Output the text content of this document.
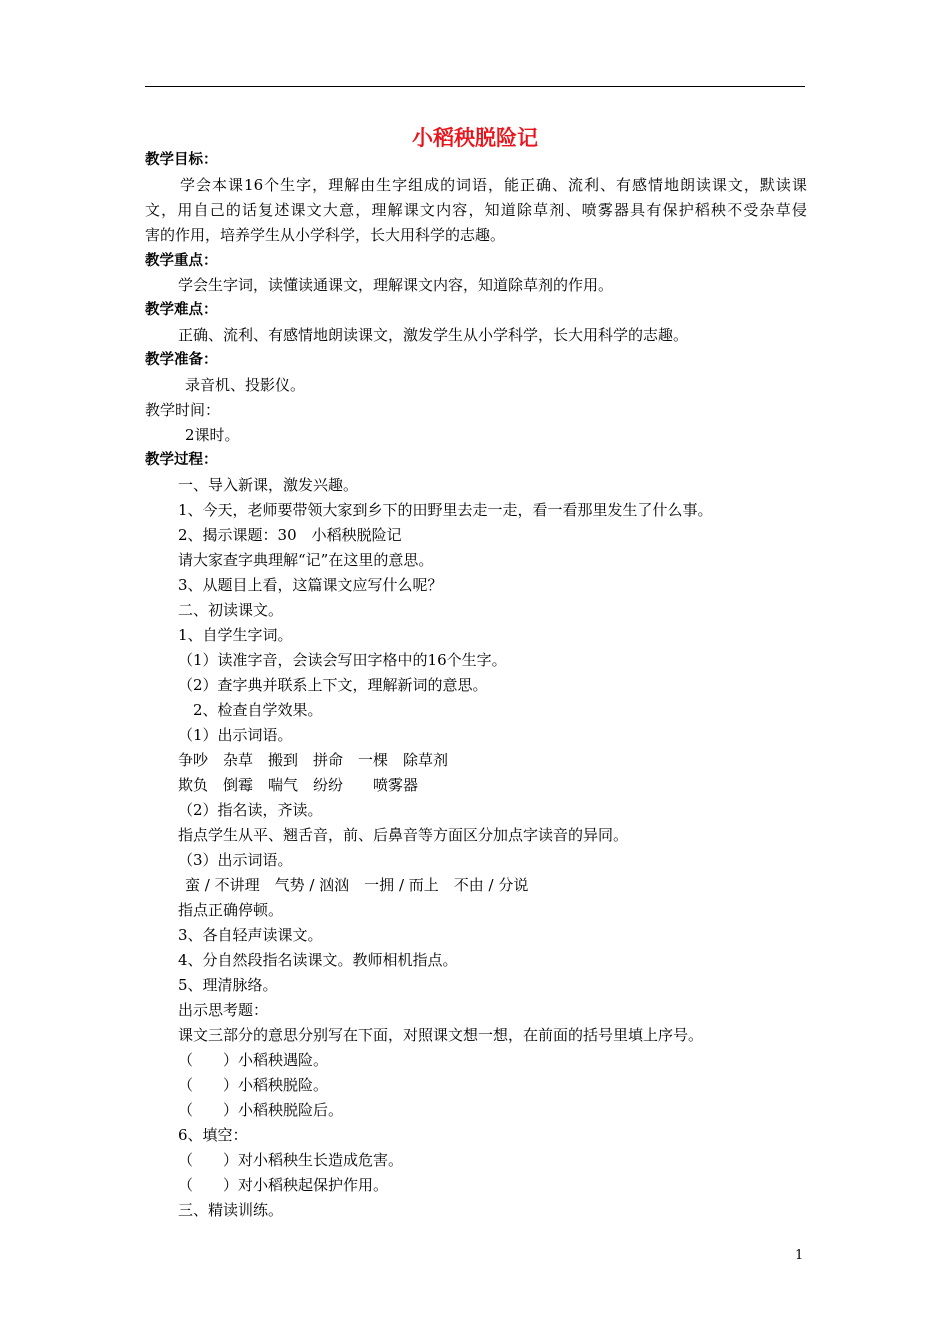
小稻秧脱险记
教学目标：
学会本课16个生字，理解由生字组成的词语，能正确、流利、有感情地朗读课文，默读课
文，用自己的话复述课文大意，理解课文内容，知道除草剂、喷雾器具有保护稻秧不受杂草侵
害的作用，培养学生从小学科学，长大用科学的志趣。
教学重点：
学会生字词，读懂读通课文，理解课文内容，知道除草剂的作用。
教学难点：
正确、流利、有感情地朗读课文，激发学生从小学科学，长大用科学的志趣。
教学准备：
录音机、投影仪。
教学时间：
2课时。
教学过程：
一、导入新课，激发兴趣。
1、今天，老师要带领大家到乡下的田野里去走一走，看一看那里发生了什么事。
2、揭示课题：30　小稻秧脱险记
请大家查字典理解“记”在这里的意思。
3、从题目上看，这篇课文应写什么呢？
二、初读课文。
1、自学生字词。
（1）读准字音，会读会写田字格中的16个生字。
（2）查字典并联系上下文，理解新词的意思。
2、检查自学效果。
（1）出示词语。
争吵　杂草　搬到　拼命　一棵　除草剂
欺负　倒霉　喘气　纷纷　　喷雾器
（2）指名读，齐读。
指点学生从平、翘舌音，前、后鼻音等方面区分加点字读音的异同。
（3）出示词语。
蛮 / 不讲理　气势 / 汹汹　一拥 / 而上　不由 / 分说
指点正确停顿。
3、各自轻声读课文。
4、分自然段指名读课文。教师相机指点。
5、理清脉络。
出示思考题：
课文三部分的意思分别写在下面，对照课文想一想，在前面的括号里填上序号。
（　　）小稻秧遇险。
（　　）小稻秧脱险。
（　　）小稻秧脱险后。
6、填空：
（　　）对小稻秧生长造成危害。
（　　）对小稻秧起保护作用。
三、精读训练。
1
